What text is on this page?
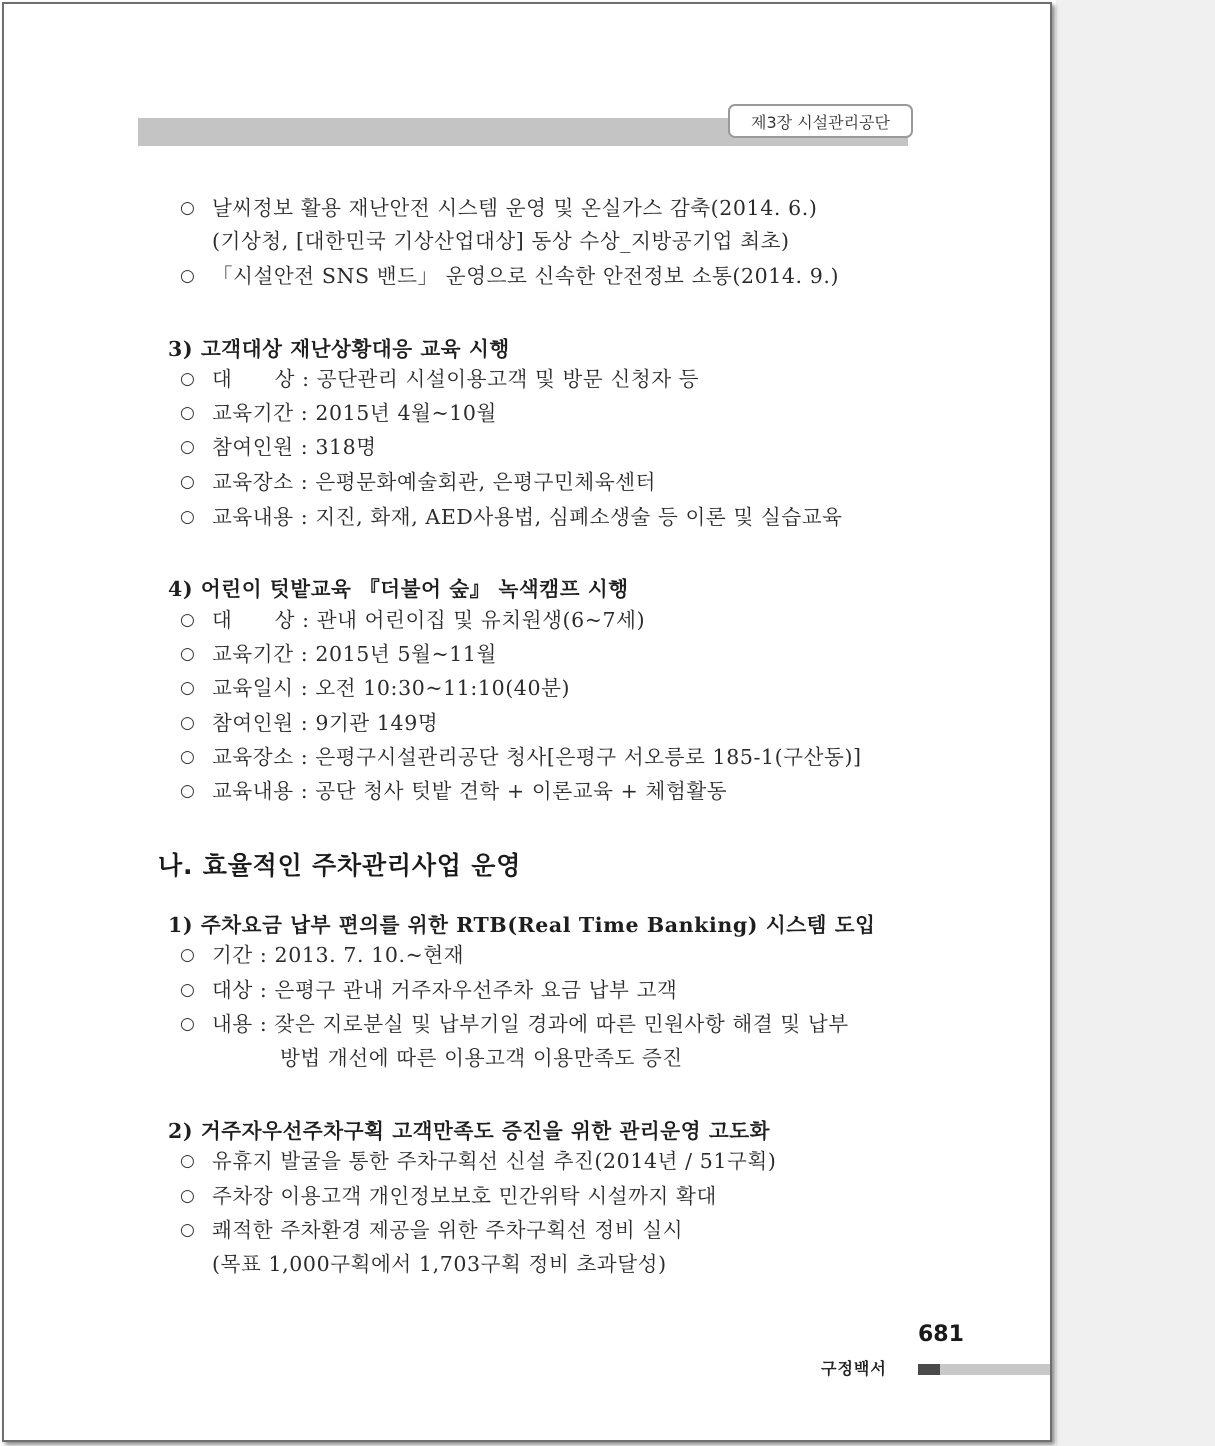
제3장 시설관리공단
○ 날씨정보 활용 재난안전 시스템 운영 및 온실가스 감축(2014. 6.)
(기상청, [대한민국 기상산업대상] 동상 수상_지방공기업 최초)
○ 「시설안전 SNS 밴드」 운영으로 신속한 안전정보 소통(2014. 9.)
3) 고객대상 재난상황대응 교육 시행
○ 대　　상 : 공단관리 시설이용고객 및 방문 신청자 등
○ 교육기간 : 2015년 4월~10월
○ 참여인원 : 318명
○ 교육장소 : 은평문화예술회관, 은평구민체육센터
○ 교육내용 : 지진, 화재, AED사용법, 심폐소생술 등 이론 및 실습교육
4) 어린이 텃밭교육 『더불어 숲』 녹색캠프 시행
○ 대　　상 : 관내 어린이집 및 유치원생(6~7세)
○ 교육기간 : 2015년 5월~11월
○ 교육일시 : 오전 10:30~11:10(40분)
○ 참여인원 : 9기관 149명
○ 교육장소 : 은평구시설관리공단 청사[은평구 서오릉로 185-1(구산동)]
○ 교육내용 : 공단 청사 텃밭 견학 + 이론교육 + 체험활동
나. 효율적인 주차관리사업 운영
1) 주차요금 납부 편의를 위한 RTB(Real Time Banking) 시스템 도입
○ 기간 : 2013. 7. 10.~현재
○ 대상 : 은평구 관내 거주자우선주차 요금 납부 고객
○ 내용 : 잦은 지로분실 및 납부기일 경과에 따른 민원사항 해결 및 납부
방법 개선에 따른 이용고객 이용만족도 증진
2) 거주자우선주차구획 고객만족도 증진을 위한 관리운영 고도화
○ 유휴지 발굴을 통한 주차구획선 신설 추진(2014년 / 51구획)
○ 주차장 이용고객 개인정보보호 민간위탁 시설까지 확대
○ 쾌적한 주차환경 제공을 위한 주차구획선 정비 실시
(목표 1,000구획에서 1,703구획 정비 초과달성)
681
구정백서
